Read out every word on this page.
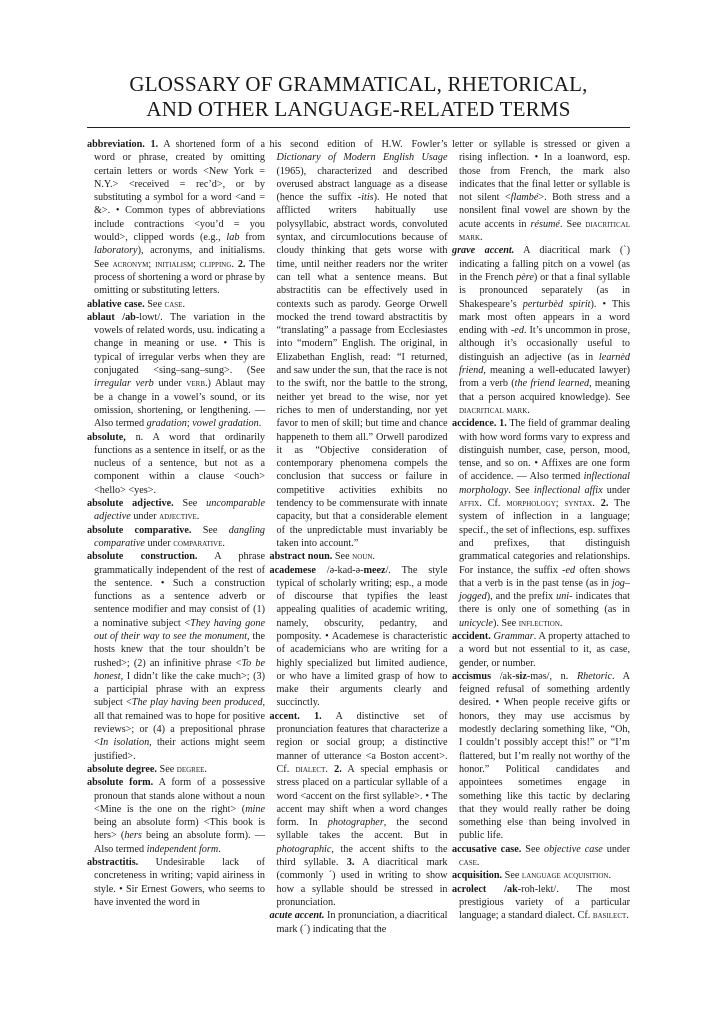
GLOSSARY OF GRAMMATICAL, RHETORICAL,
AND OTHER LANGUAGE-RELATED TERMS

abbreviation. 1. A shortened form of a word or phrase, created by omitting certain letters or words <New York = N.Y.> <received = rec’d>, or by substituting a symbol for a word <and = &>. • Common types of abbreviations include contractions <you’d = you would>, clipped words (e.g., lab from laboratory), acronyms, and initialisms. See acronym; initialism; clipping. 2. The process of shortening a word or phrase by omitting or substituting letters.

ablative case. See case.

ablaut /ab-lowt/. The variation in the vowels of related words, usu. indicating a change in meaning or use. • This is typical of irregular verbs when they are conjugated <sing–sang–sung>. (See irregular verb under verb.) Ablaut may be a change in a vowel’s sound, or its omission, shortening, or lengthening. — Also termed gradation; vowel gradation.

absolute, n. A word that ordinarily functions as a sentence in itself, or as the nucleus of a sentence, but not as a component within a clause <ouch> <hello> <yes>.

absolute adjective. See uncomparable adjective under adjective.

absolute comparative. See dangling comparative under comparative.

absolute construction. A phrase grammatically independent of the rest of the sentence. • Such a construction functions as a sentence adverb or sentence modifier and may consist of (1) a nominative subject <They having gone out of their way to see the monument, the hosts knew that the tour shouldn’t be rushed>; (2) an infinitive phrase <To be honest, I didn’t like the cake much>; (3) a participial phrase with an express subject <The play having been produced, all that remained was to hope for positive reviews>; or (4) a prepositional phrase <In isolation, their actions might seem justified>.

absolute degree. See degree.

absolute form. A form of a possessive pronoun that stands alone without a noun <Mine is the one on the right> (mine being an absolute form) <This book is hers> (hers being an absolute form). — Also termed independent form.

abstractitis. Undesirable lack of concreteness in writing; vapid airiness in style. • Sir Ernest Gowers, who seems to have invented the word in

his second edition of H.W. Fowler’s Dictionary of Modern English Usage (1965), characterized and described overused abstract language as a disease (hence the suffix -itis). He noted that afflicted writers habitually use polysyllabic, abstract words, convoluted syntax, and circumlocutions because of cloudy thinking that gets worse with time, until neither readers nor the writer can tell what a sentence means. But abstractitis can be effectively used in contexts such as parody. George Orwell mocked the trend toward abstractitis by “translating” a passage from Ecclesiastes into “modern” English. The original, in Elizabethan English, read: “I returned, and saw under the sun, that the race is not to the swift, nor the battle to the strong, neither yet bread to the wise, nor yet riches to men of understanding, nor yet favor to men of skill; but time and chance happeneth to them all.” Orwell parodized it as “Objective consideration of contemporary phenomena compels the conclusion that success or failure in competitive activities exhibits no tendency to be commensurate with innate capacity, but that a considerable element of the unpredictable must invariably be taken into account.”

abstract noun. See noun.

academese /ə-kad-ə-meez/. The style typical of scholarly writing; esp., a mode of discourse that typifies the least appealing qualities of academic writing, namely, obscurity, pedantry, and pomposity. • Academese is characteristic of academicians who are writing for a highly specialized but limited audience, or who have a limited grasp of how to make their arguments clearly and succinctly.

accent. 1. A distinctive set of pronunciation features that characterize a region or social group; a distinctive manner of utterance <a Boston accent>. Cf. dialect. 2. A special emphasis or stress placed on a particular syllable of a word <accent on the first syllable>. • The accent may shift when a word changes form. In photographer, the second syllable takes the accent. But in photographic, the accent shifts to the third syllable. 3. A diacritical mark (commonly ´) used in writing to show how a syllable should be stressed in pronunciation.

acute accent. In pronunciation, a diacritical mark (´) indicating that the

letter or syllable is stressed or given a rising inflection. • In a loanword, esp. those from French, the mark also indicates that the final letter or syllable is not silent <flambé>. Both stress and a nonsilent final vowel are shown by the acute accents in résumé. See diacritical mark.

grave accent. A diacritical mark (`) indicating a falling pitch on a vowel (as in the French père) or that a final syllable is pronounced separately (as in Shakespeare’s perturbèd spirit). • This mark most often appears in a word ending with -ed. It’s uncommon in prose, although it’s occasionally useful to distinguish an adjective (as in learnèd friend, meaning a well-educated lawyer) from a verb (the friend learned, meaning that a person acquired knowledge). See diacritical mark.

accidence. 1. The field of grammar dealing with how word forms vary to express and distinguish number, case, person, mood, tense, and so on. • Affixes are one form of accidence. — Also termed inflectional morphology. See inflectional affix under affix. Cf. morphology; syntax. 2. The system of inflection in a language; specif., the set of inflections, esp. suffixes and prefixes, that distinguish grammatical categories and relationships. For instance, the suffix -ed often shows that a verb is in the past tense (as in jog–jogged), and the prefix uni- indicates that there is only one of something (as in unicycle). See inflection.

accident. Grammar. A property attached to a word but not essential to it, as case, gender, or number.

accismus /ak-siz-məs/, n. Rhetoric. A feigned refusal of something ardently desired. • When people receive gifts or honors, they may use accismus by modestly declaring something like, “Oh, I couldn’t possibly accept this!” or “I’m flattered, but I’m really not worthy of the honor.” Political candidates and appointees sometimes engage in something like this tactic by declaring that they would really rather be doing something else than being involved in public life.

accusative case. See objective case under case.

acquisition. See language acquisition.

acrolect /ak-roh-lekt/. The most prestigious variety of a particular language; a standard dialect. Cf. basilect.
